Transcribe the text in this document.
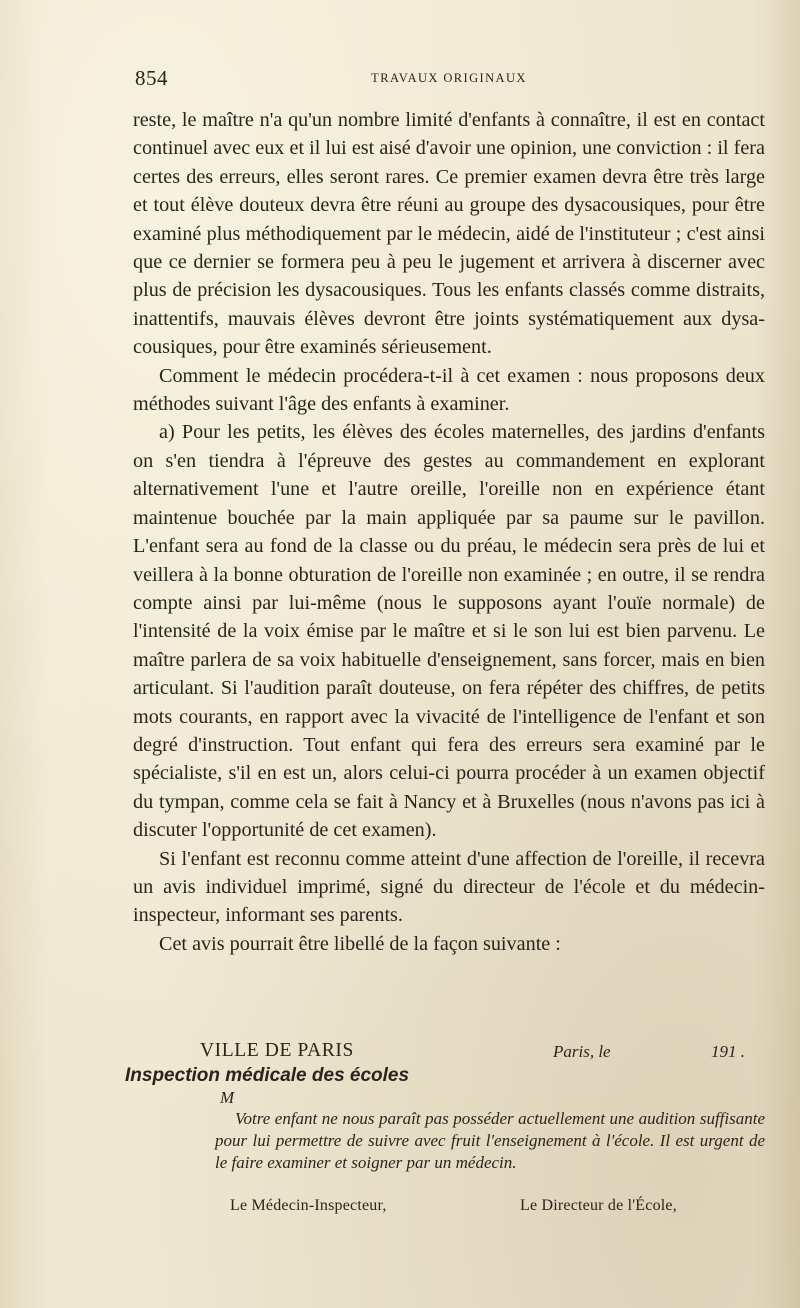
854	TRAVAUX ORIGINAUX

reste, le maître n'a qu'un nombre limité d'enfants à connaître, il est en contact continuel avec eux et il lui est aisé d'avoir une opinion, une conviction : il fera certes des erreurs, elles seront rares. Ce premier examen devra être très large et tout élève douteux devra être réuni au groupe des dysacousiques, pour être examiné plus méthodiquement par le médecin, aidé de l'instituteur ; c'est ainsi que ce dernier se formera peu à peu le jugement et arrivera à discerner avec plus de précision les dysacousiques. Tous les enfants classés comme distraits, inattentifs, mauvais élèves devront être joints systématiquement aux dysacousiques, pour être examinés sérieusement.

Comment le médecin procédera-t-il à cet examen : nous proposons deux méthodes suivant l'âge des enfants à examiner.

a) Pour les petits, les élèves des écoles maternelles, des jardins d'enfants on s'en tiendra à l'épreuve des gestes au commandement en explorant alternativement l'une et l'autre oreille, l'oreille non en expérience étant maintenue bouchée par la main appliquée par sa paume sur le pavillon. L'enfant sera au fond de la classe ou du préau, le médecin sera près de lui et veillera à la bonne obturation de l'oreille non examinée ; en outre, il se rendra compte ainsi par lui-même (nous le supposons ayant l'ouïe normale) de l'intensité de la voix émise par le maître et si le son lui est bien parvenu. Le maître parlera de sa voix habituelle d'enseignement, sans forcer, mais en bien articulant. Si l'audition paraît douteuse, on fera répéter des chiffres, de petits mots courants, en rapport avec la vivacité de l'intelligence de l'enfant et son degré d'instruction. Tout enfant qui fera des erreurs sera examiné par le spécialiste, s'il en est un, alors celui-ci pourra procéder à un examen objectif du tympan, comme cela se fait à Nancy et à Bruxelles (nous n'avons pas ici à discuter l'opportunité de cet examen).

Si l'enfant est reconnu comme atteint d'une affection de l'oreille, il recevra un avis individuel imprimé, signé du directeur de l'école et du médecin-inspecteur, informant ses parents.

Cet avis pourrait être libellé de la façon suivante :

VILLE DE PARIS	Paris, le	191 .
Inspection médicale des écoles
M
Votre enfant ne nous paraît pas posséder actuellement une audition suffisante pour lui permettre de suivre avec fruit l'enseignement à l'école. Il est urgent de le faire examiner et soigner par un médecin.
Le Médecin-Inspecteur,	Le Directeur de l'École,
